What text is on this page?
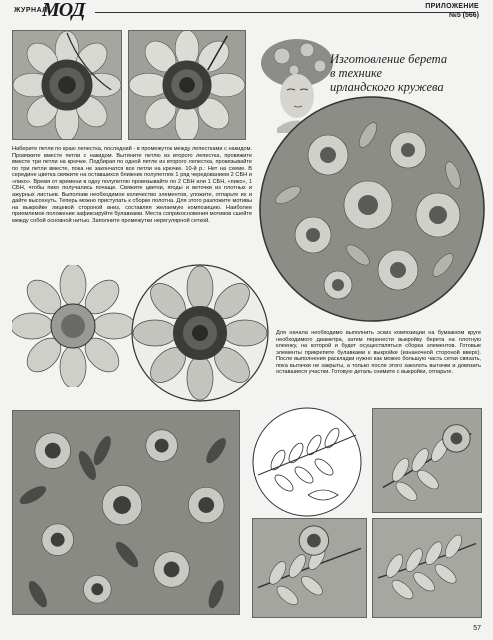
ЖУРНАЛ
МОД	ПРИЛОЖЕНИЕ
№5 (566)
Изготовление берета
в технике
ирландского кружева
Наберите петли по краю лепестка, последний - в промежуток между лепестками с накидом. Провяжите вместе петли с накидом. Вытяните петлю из второго лепестка, провяжите вместе три петли на крючке. Подбирая по одной петле из второго лепестка, провязывайте по три петли вместе, пока не закончатся все петли на крючке. 10-й р.: Нет на схеме. В середине цветка свяжите на оставшихся ближних полупетлях 1 ряд чередованием 2 СБН и «пико». Время от времени в одну полупетлю провязывайте по 2 СБН или 1 СБН, «пико», 1 СБН, чтобы пико получались почаще. Свяжите цветки, ягоды и веточки из плотных и ажурных листьев. Выполнив необходимое количество элементов, уложите, отпарьте их и дайте высохнуть. Теперь можно приступать к сборке полотна. Для этого разложите мотивы на выкройке лицевой стороной вниз, составляя желаемую композицию. Наиболее приемлемое положение зафиксируйте булавками. Места соприкосновения мотивов сшейте между собой основной нитью. Заполните промежутки нерегулярной сеткой.
Для начала необходимо выполнить эскиз композиции на бумажном круге необходимого диаметра, затем перенести выкройку берета на плотную клеенку, на которой и будет осуществляться сборка элементов. Готовые элементы прикрепите булавками к выкройке (изнаночной стороной вверх). После выполнения раскладки нужно как можно большую часть сетки связать, пока вытачки не закрыты, а только после этого заколоть вытачки и довязать оставшиеся участки. Готовую деталь снимите с выкройки, отпарьте.
57
